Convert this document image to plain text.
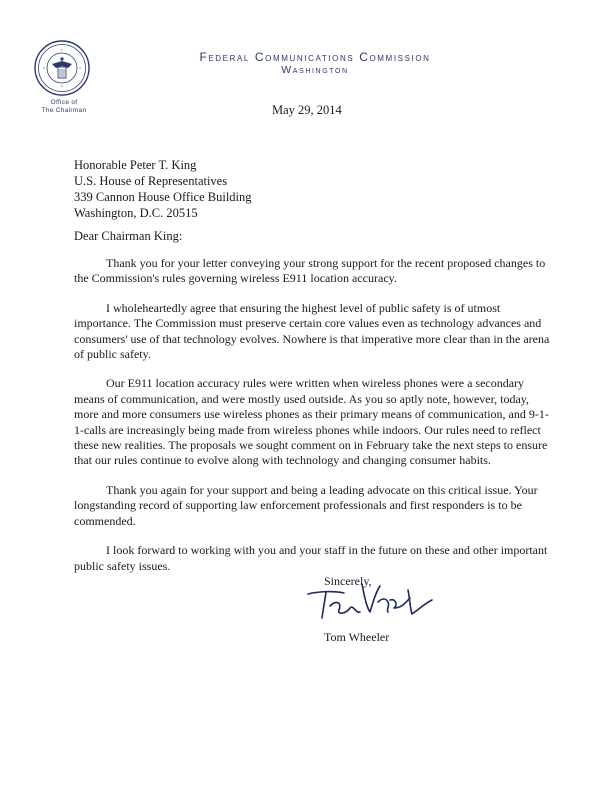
Office of
The Chairman
Federal Communications Commission
Washington
May 29, 2014
Honorable Peter T. King
U.S. House of Representatives
339 Cannon House Office Building
Washington, D.C. 20515
Dear Chairman King:

Thank you for your letter conveying your strong support for the recent proposed changes to the Commission's rules governing wireless E911 location accuracy.

I wholeheartedly agree that ensuring the highest level of public safety is of utmost importance. The Commission must preserve certain core values even as technology advances and consumers' use of that technology evolves. Nowhere is that imperative more clear than in the arena of public safety.

Our E911 location accuracy rules were written when wireless phones were a secondary means of communication, and were mostly used outside. As you so aptly note, however, today, more and more consumers use wireless phones as their primary means of communication, and 9-1-1-calls are increasingly being made from wireless phones while indoors. Our rules need to reflect these new realities. The proposals we sought comment on in February take the next steps to ensure that our rules continue to evolve along with technology and changing consumer habits.

Thank you again for your support and being a leading advocate on this critical issue. Your longstanding record of supporting law enforcement professionals and first responders is to be commended.

I look forward to working with you and your staff in the future on these and other important public safety issues.

Sincerely,
Tom Wheeler
